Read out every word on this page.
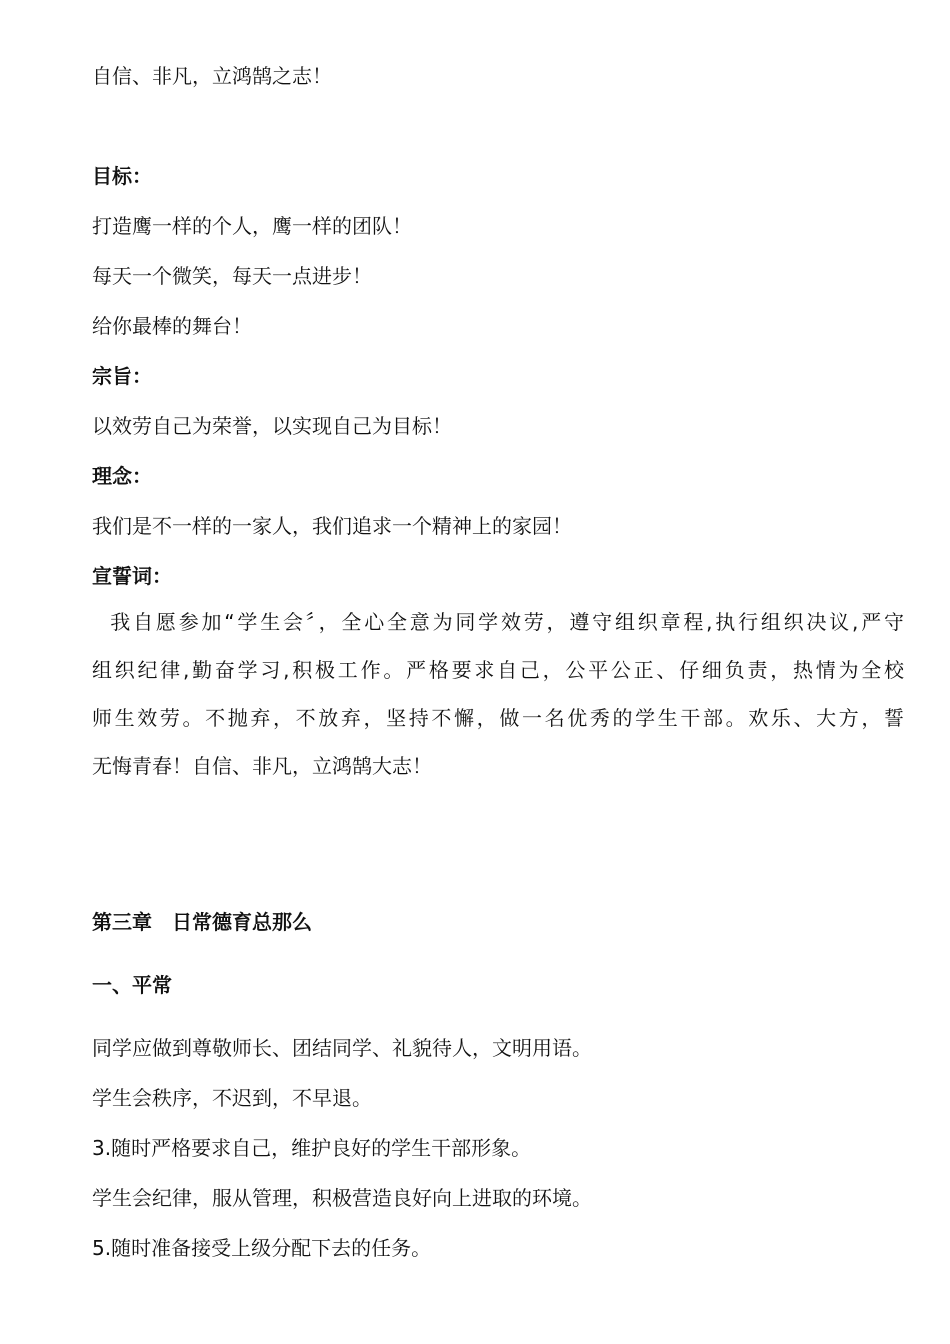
自信、非凡，立鸿鹄之志！

目标：

打造鹰一样的个人，鹰一样的团队！

每天一个微笑，每天一点进步！

给你最棒的舞台！

宗旨：

以效劳自己为荣誉，以实现自己为目标！

理念：

我们是不一样的一家人，我们追求一个精神上的家园！

宣誓词：

我自愿参加“学生会〞，全心全意为同学效劳，遵守组织章程,执行组织决议,严守
组织纪律,勤奋学习,积极工作。严格要求自己，公平公正、仔细负责，热情为全校
师生效劳。不抛弃，不放弃，坚持不懈，做一名优秀的学生干部。欢乐、大方，誓
无悔青春！自信、非凡，立鸿鹄大志！

第三章　日常德育总那么

一、平常

同学应做到尊敬师长、团结同学、礼貌待人，文明用语。

学生会秩序，不迟到，不早退。

3.随时严格要求自己，维护良好的学生干部形象。

学生会纪律，服从管理，积极营造良好向上进取的环境。

5.随时准备接受上级分配下去的任务。
